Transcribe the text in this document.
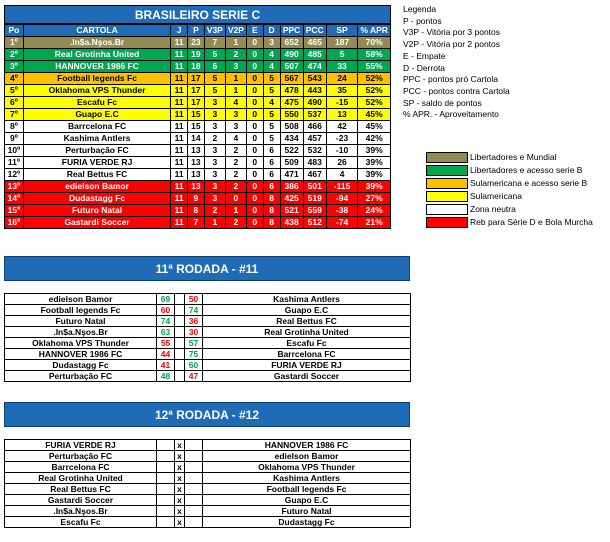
BRASILEIRO SERIE C
Po	CARTOLA	J	P	V3P	V2P	E	D	PPC	PCC	SP	% APR
1º	.In$a.Nşos.Br	11	23	7	1	0	3	652	465	187	70%
2º	Real Grotinha United	11	19	5	2	0	4	490	485	5	58%
3º	HANNOVER 1986 FC	11	18	6	3	0	4	507	474	33	55%
4º	Football legends Fc	11	17	5	1	0	5	567	543	24	52%
5º	Oklahoma VPS Thunder	11	17	5	1	0	5	478	443	35	52%
6º	Escafu Fc	11	17	3	4	0	4	475	490	-15	52%
7º	Guapo E.C	11	15	3	3	0	5	550	537	13	45%
8º	Barrcelona FC	11	15	3	3	0	5	508	466	42	45%
9º	Kashima Antlers	11	14	2	4	0	5	434	457	-23	42%
10º	Perturbação FC	11	13	3	2	0	6	522	532	-10	39%
11º	FURIA VERDE RJ	11	13	3	2	0	6	509	483	26	39%
12º	Real Bettus FC	11	13	3	2	0	6	471	467	4	39%
13º	edielson Bamor	11	13	3	2	0	6	386	501	-115	39%
14º	Dudastagg Fc	11	9	3	0	0	8	425	519	-94	27%
15º	Futuro Natal	11	8	2	1	0	8	521	559	-38	24%
16º	Gastardi Soccer	11	7	1	2	0	8	438	512	-74	21%
Legenda
P - pontos
V3P - Vitória por 3 pontos
V2P - Vitória por 2 pontos
E - Empate
D - Derrota
PPC - pontos pró Cartola
PCC - pontos contra Cartola
SP - saldo de pontos
% APR. - Aproveitamento
Libertadores e Mundial
Libertadores e acesso serie B
Sulamericana e acesso serie B
Sulamericana
Zona neutra
Reb para Série D e Bola Murcha
11ª RODADA - #11
edielson Bamor	69		50	Kashima Antlers
Football legends Fc	60		74	Guapo E.C
Futuro Natal	74		36	Real Bettus FC
.In$a.Nşos.Br	63		30	Real Grotinha United
Oklahoma VPS Thunder	55		57	Escafu Fc
HANNOVER 1986 FC	44		75	Barrcelona FC
Dudastagg Fc	41		60	FURIA VERDE RJ
Perturbação FC	48		47	Gastardi Soccer
12ª RODADA - #12
FURIA VERDE RJ		x		HANNOVER 1986 FC
Perturbação FC		x		edielson Bamor
Barrcelona FC		x		Oklahoma VPS Thunder
Real Grotinha United		x		Kashima Antlers
Real Bettus FC		x		Football legends Fc
Gastardi Soccer		x		Guapo E.C
.In$a.Nşos.Br		x		Futuro Natal
Escafu Fc		x		Dudastagg Fc
